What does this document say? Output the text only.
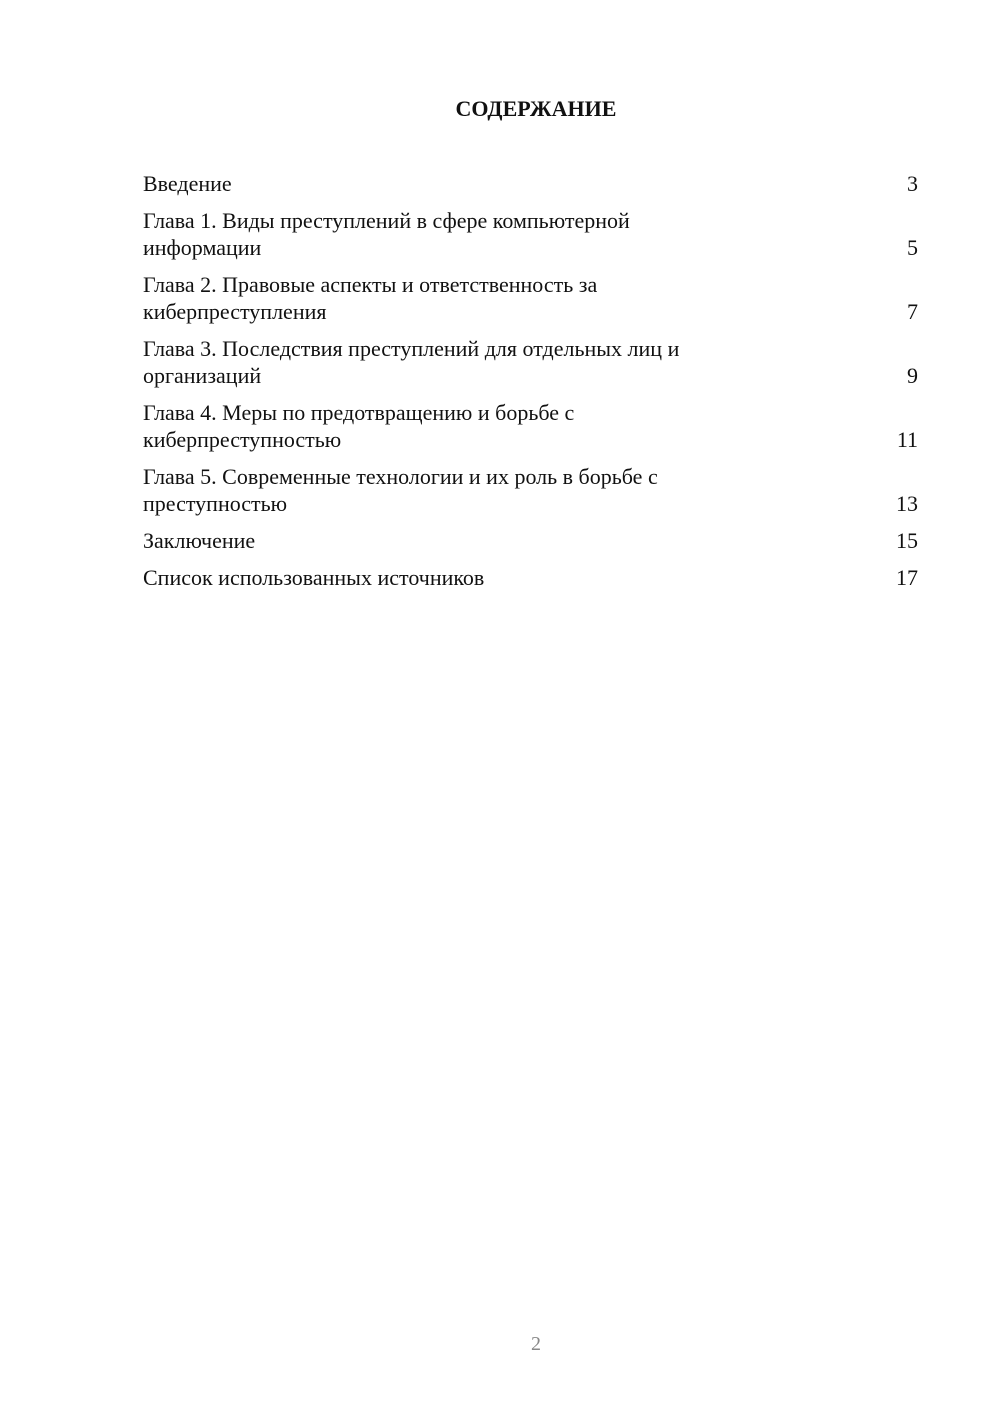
СОДЕРЖАНИЕ
Введение	3
Глава 1. Виды преступлений в сфере компьютерной
информации	5
Глава 2. Правовые аспекты и ответственность за
киберпреступления	7
Глава 3. Последствия преступлений для отдельных лиц и
организаций	9
Глава 4. Меры по предотвращению и борьбе с
киберпреступностью	11
Глава 5. Современные технологии и их роль в борьбе с
преступностью	13
Заключение	15
Список использованных источников	17
2
